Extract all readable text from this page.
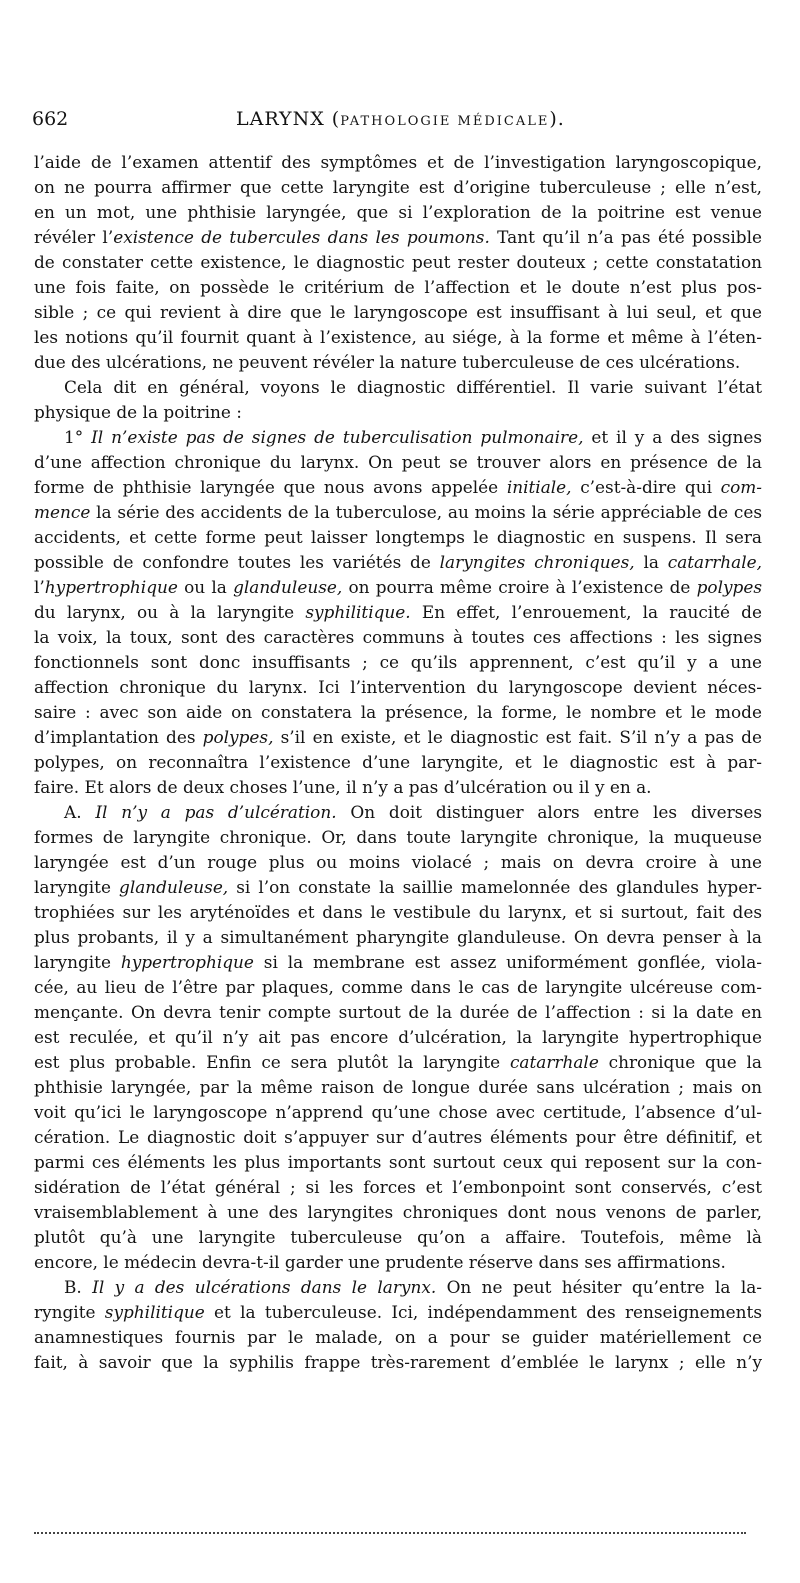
662	LARYNX (PATHOLOGIE MÉDICALE).
l’aide de l’examen attentif des symptômes et de l’investigation laryngoscopique,
on ne pourra affirmer que cette laryngite est d’origine tuberculeuse ; elle n’est,
en un mot, une phthisie laryngée, que si l’exploration de la poitrine est venue
révéler l’existence de tubercules dans les poumons. Tant qu’il n’a pas été possible
de constater cette existence, le diagnostic peut rester douteux ; cette constatation
une fois faite, on possède le critérium de l’affection et le doute n’est plus pos-
sible ; ce qui revient à dire que le laryngoscope est insuffisant à lui seul, et que
les notions qu’il fournit quant à l’existence, au siége, à la forme et même à l’éten-
due des ulcérations, ne peuvent révéler la nature tuberculeuse de ces ulcérations.
Cela dit en général, voyons le diagnostic différentiel. Il varie suivant l’état
physique de la poitrine :
1° Il n’existe pas de signes de tuberculisation pulmonaire, et il y a des signes
d’une affection chronique du larynx. On peut se trouver alors en présence de la
forme de phthisie laryngée que nous avons appelée initiale, c’est-à-dire qui com-
mence la série des accidents de la tuberculose, au moins la série appréciable de ces
accidents, et cette forme peut laisser longtemps le diagnostic en suspens. Il sera
possible de confondre toutes les variétés de laryngites chroniques, la catarrhale,
l’hypertrophique ou la glanduleuse, on pourra même croire à l’existence de polypes
du larynx, ou à la laryngite syphilitique. En effet, l’enrouement, la raucité de
la voix, la toux, sont des caractères communs à toutes ces affections : les signes
fonctionnels sont donc insuffisants ; ce qu’ils apprennent, c’est qu’il y a une
affection chronique du larynx. Ici l’intervention du laryngoscope devient néces-
saire : avec son aide on constatera la présence, la forme, le nombre et le mode
d’implantation des polypes, s’il en existe, et le diagnostic est fait. S’il n’y a pas de
polypes, on reconnaîtra l’existence d’une laryngite, et le diagnostic est à par-
faire. Et alors de deux choses l’une, il n’y a pas d’ulcération ou il y en a.
A. Il n’y a pas d’ulcération. On doit distinguer alors entre les diverses
formes de laryngite chronique. Or, dans toute laryngite chronique, la muqueuse
laryngée est d’un rouge plus ou moins violacé ; mais on devra croire à une
laryngite glanduleuse, si l’on constate la saillie mamelonnée des glandules hyper-
trophiées sur les aryténoïdes et dans le vestibule du larynx, et si surtout, fait des
plus probants, il y a simultanément pharyngite glanduleuse. On devra penser à la
laryngite hypertrophique si la membrane est assez uniformément gonflée, violа-
cée, au lieu de l’être par plaques, comme dans le cas de laryngite ulcéreuse com-
mençante. On devra tenir compte surtout de la durée de l’affection : si la date en
est reculée, et qu’il n’y ait pas encore d’ulcération, la laryngite hypertrophique
est plus probable. Enfin ce sera plutôt la laryngite catarrhale chronique que la
phthisie laryngée, par la même raison de longue durée sans ulcération ; mais on
voit qu’ici le laryngoscope n’apprend qu’une chose avec certitude, l’absence d’ul-
cération. Le diagnostic doit s’appuyer sur d’autres éléments pour être définitif, et
parmi ces éléments les plus importants sont surtout ceux qui reposent sur la con-
sidération de l’état général ; si les forces et l’embonpoint sont conservés, c’est
vraisemblablement à une des laryngites chroniques dont nous venons de parler,
plutôt qu’à une laryngite tuberculeuse qu’on a affaire. Toutefois, même là
encore, le médecin devra-t-il garder une prudente réserve dans ses affirmations.
B. Il y a des ulcérations dans le larynx. On ne peut hésiter qu’entre la la-
ryngite syphilitique et la tuberculeuse. Ici, indépendamment des renseignements
anamnestiques fournis par le malade, on a pour se guider matériellement ce
fait, à savoir que la syphilis frappe très-rarement d’emblée le larynx ; elle n’y
